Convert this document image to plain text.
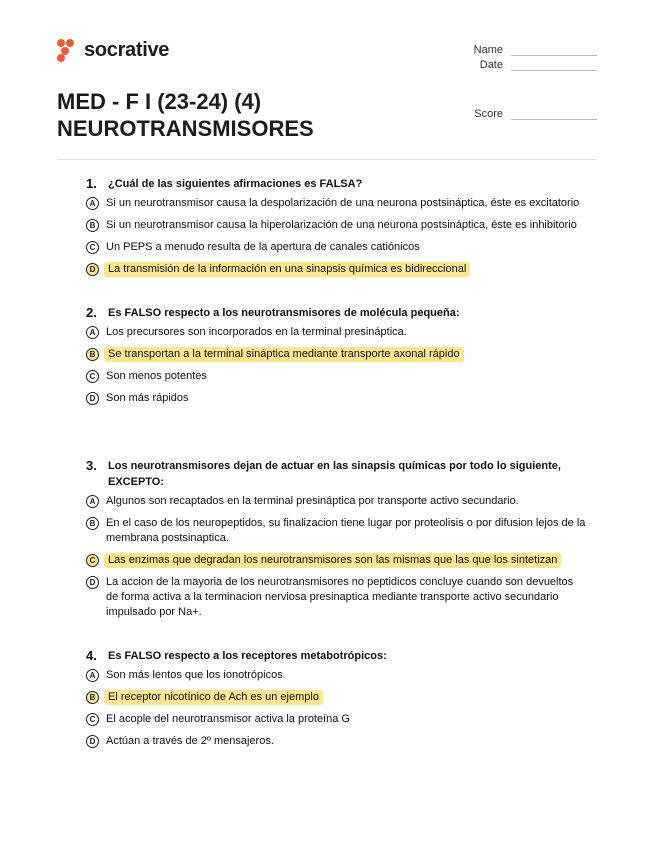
socrative	Name
Date
MED - F I (23-24) (4)
NEUROTRANSMISORES
Score
1.	¿Cuál de las siguientes afirmaciones es FALSA?
A Si un neurotransmisor causa la despolarización de una neurona postsináptica, éste es excitatorio
B Si un neurotransmisor causa la hiperolarización de una neurona postsináptica, éste es inhibitorio
C Un PEPS a menudo resulta de la apertura de canales catiónicos
D	La transmisión de la información en una sinapsis química es bidireccional
2.	Es FALSO respecto a los neurotransmisores de molécula pequeña:
A Los precursores son incorporados en la terminal presináptica.
B	Se transportan a la terminal sináptica mediante transporte axonal rápido
C Son menos potentes
D Son más rápidos
3.	Los neurotransmisores dejan de actuar en las sinapsis químicas por todo lo siguiente, EXCEPTO:
A Algunos son recaptados en la terminal presináptica por transporte activo secundario.
B En el caso de los neuropeptidos, su finalizacion tiene lugar por proteolisis o por difusion lejos de la membrana postsinaptica.
C	Las enzimas que degradan los neurotransmisores son las mismas que las que los sintetizan
D La accion de la mayoria de los neurotransmisores no peptidicos concluye cuando son devueltos de forma activa a la terminacion nerviosa presinaptica mediante transporte activo secundario impulsado por Na+.
4.	Es FALSO respecto a los receptores metabotrópicos:
A Son más lentos que los ionotrópicos
B	El receptor nicotínico de Ach es un ejemplo
C El acople del neurotransmisor activa la proteína G
D Actúan a través de 2º mensajeros.
